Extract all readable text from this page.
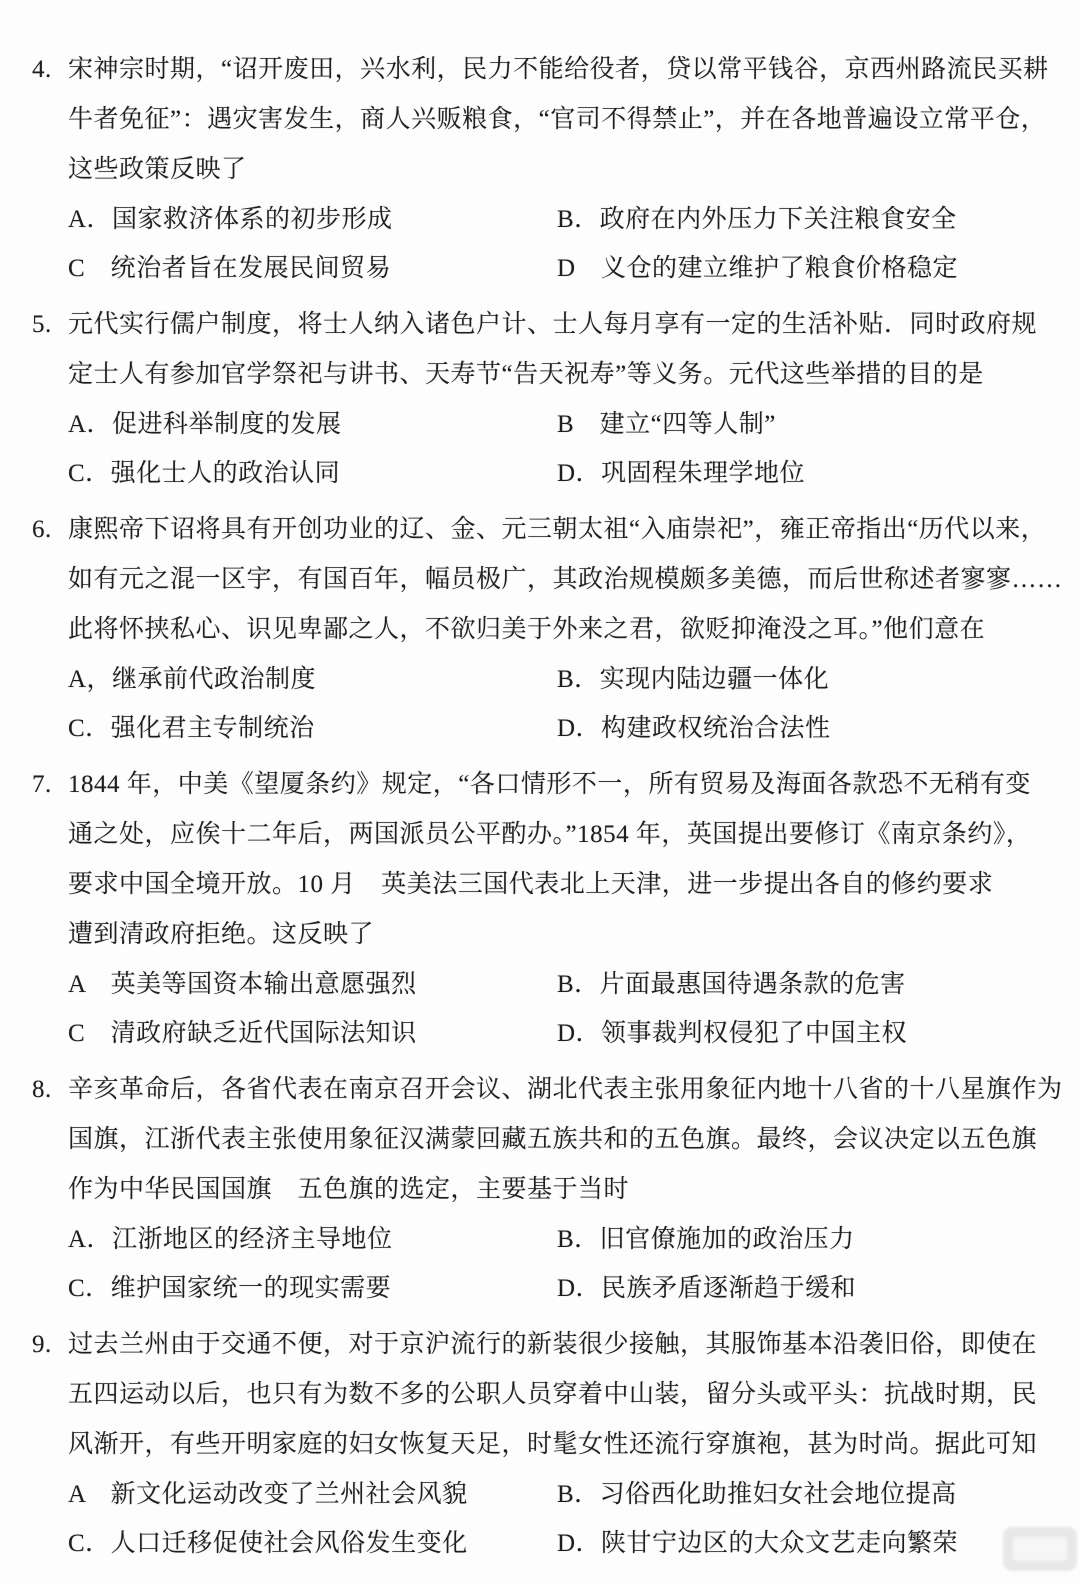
4. 宋神宗时期，“诏开废田，兴水利，民力不能给役者，贷以常平钱谷，京西州路流民买耕
牛者免征”：遇灾害发生，商人兴贩粮食，“官司不得禁止”，并在各地普遍设立常平仓，
这些政策反映了
A．国家救济体系的初步形成	B．政府在内外压力下关注粮食安全
C　统治者旨在发展民间贸易	D　义仓的建立维护了粮食价格稳定
5. 元代实行儒户制度，将士人纳入诸色户计、士人每月享有一定的生活补贴．同时政府规
定士人有参加官学祭祀与讲书、天寿节“告天祝寿”等义务。元代这些举措的目的是
A．促进科举制度的发展	B　建立“四等人制”
C．强化士人的政治认同	D．巩固程朱理学地位
6. 康熙帝下诏将具有开创功业的辽、金、元三朝太祖“入庙崇祀”，雍正帝指出“历代以来，
如有元之混一区宇，有国百年，幅员极广，其政治规模颇多美德，而后世称述者寥寥……
此将怀挟私心、识见卑鄙之人，不欲归美于外来之君，欲贬抑淹没之耳。”他们意在
A，继承前代政治制度	B．实现内陆边疆一体化
C．强化君主专制统治	D．构建政权统治合法性
7. 1844 年，中美《望厦条约》规定，“各口情形不一，所有贸易及海面各款恐不无稍有变
通之处，应俟十二年后，两国派员公平酌办。”1854 年，英国提出要修订《南京条约》，
要求中国全境开放。10 月　英美法三国代表北上天津，进一步提出各自的修约要求
遭到清政府拒绝。这反映了
A　英美等国资本输出意愿强烈	B．片面最惠国待遇条款的危害
C　清政府缺乏近代国际法知识	D．领事裁判权侵犯了中国主权
8. 辛亥革命后，各省代表在南京召开会议、湖北代表主张用象征内地十八省的十八星旗作为
国旗，江浙代表主张使用象征汉满蒙回藏五族共和的五色旗。最终，会议决定以五色旗
作为中华民国国旗　五色旗的选定，主要基于当时
A．江浙地区的经济主导地位	B．旧官僚施加的政治压力
C．维护国家统一的现实需要	D．民族矛盾逐渐趋于缓和
9. 过去兰州由于交通不便，对于京沪流行的新装很少接触，其服饰基本沿袭旧俗，即使在
五四运动以后，也只有为数不多的公职人员穿着中山装，留分头或平头：抗战时期，民
风渐开，有些开明家庭的妇女恢复天足，时髦女性还流行穿旗袍，甚为时尚。据此可知
A　新文化运动改变了兰州社会风貌	B．习俗西化助推妇女社会地位提高
C．人口迁移促使社会风俗发生变化	D．陕甘宁边区的大众文艺走向繁荣
